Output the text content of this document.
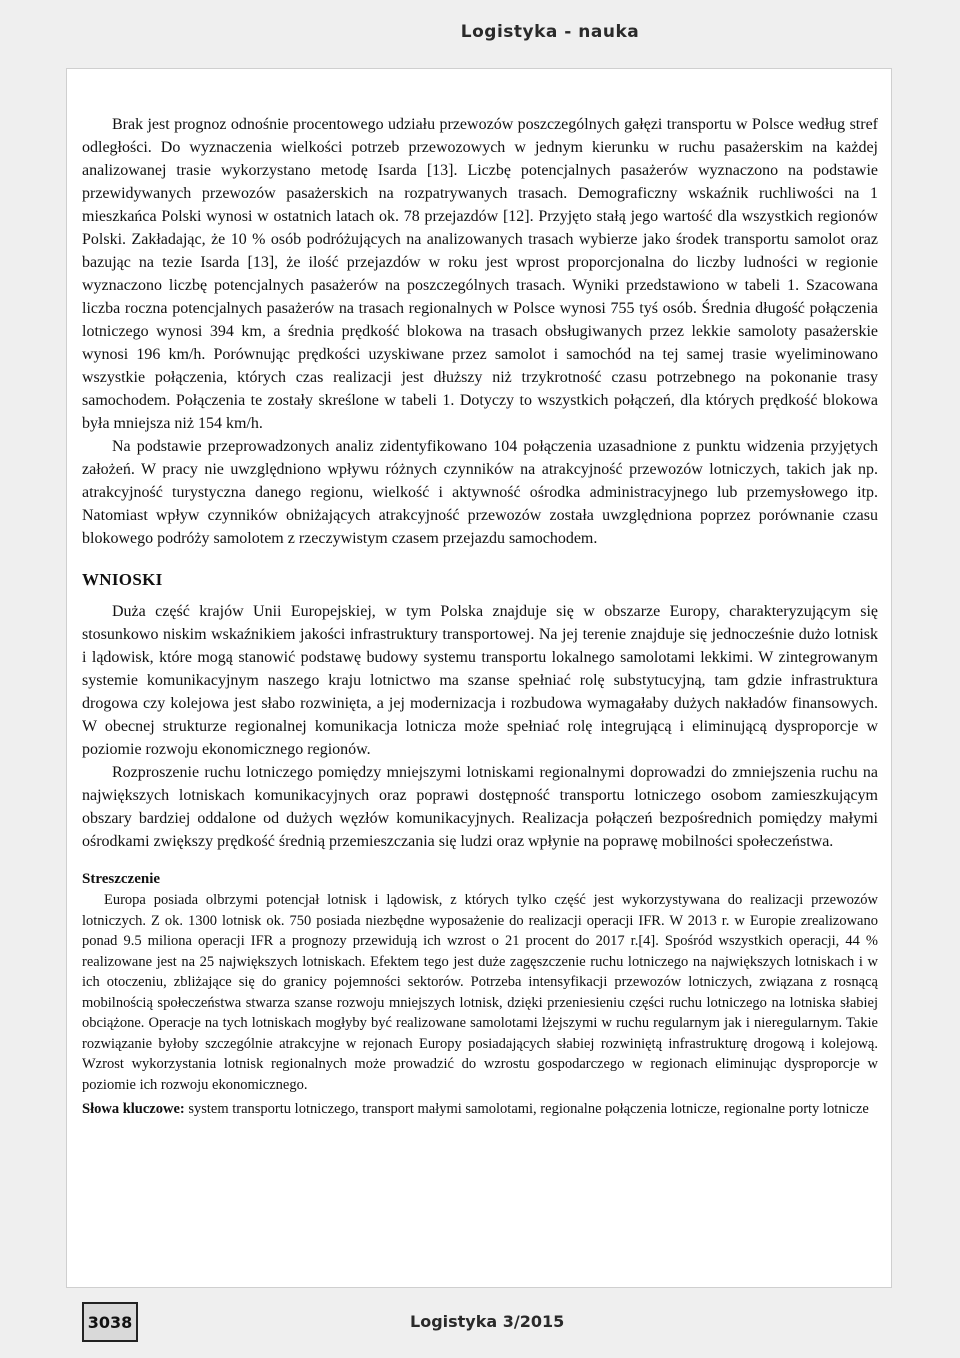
Logistyka - nauka

Brak jest prognoz odnośnie procentowego udziału przewozów poszczególnych gałęzi transportu w Polsce według stref odległości. Do wyznaczenia wielkości potrzeb przewozowych w jednym kierunku w ruchu pasażerskim na każdej analizowanej trasie wykorzystano metodę Isarda [13]. Liczbę potencjalnych pasażerów wyznaczono na podstawie przewidywanych przewozów pasażerskich na rozpatrywanych trasach. Demograficzny wskaźnik ruchliwości na 1 mieszkańca Polski wynosi w ostatnich latach ok. 78 przejazdów [12]. Przyjęto stałą jego wartość dla wszystkich regionów Polski. Zakładając, że 10 % osób podróżujących na analizowanych trasach wybierze jako środek transportu samolot oraz bazując na tezie Isarda [13], że ilość przejazdów w roku jest wprost proporcjonalna do liczby ludności w regionie wyznaczono liczbę potencjalnych pasażerów na poszczególnych trasach. Wyniki przedstawiono w tabeli 1. Szacowana liczba roczna potencjalnych pasażerów na trasach regionalnych w Polsce wynosi 755 tyś osób. Średnia długość połączenia lotniczego wynosi 394 km, a średnia prędkość blokowa na trasach obsługiwanych przez lekkie samoloty pasażerskie wynosi 196 km/h. Porównując prędkości uzyskiwane przez samolot i samochód na tej samej trasie wyeliminowano wszystkie połączenia, których czas realizacji jest dłuższy niż trzykrotność czasu potrzebnego na pokonanie trasy samochodem. Połączenia te zostały skreślone w tabeli 1. Dotyczy to wszystkich połączeń, dla których prędkość blokowa była mniejsza niż 154 km/h.

Na podstawie przeprowadzonych analiz zidentyfikowano 104 połączenia uzasadnione z punktu widzenia przyjętych założeń. W pracy nie uwzględniono wpływu różnych czynników na atrakcyjność przewozów lotniczych, takich jak np. atrakcyjność turystyczna danego regionu, wielkość i aktywność ośrodka administracyjnego lub przemysłowego itp. Natomiast wpływ czynników obniżających atrakcyjność przewozów została uwzględniona poprzez porównanie czasu blokowego podróży samolotem z rzeczywistym czasem przejazdu samochodem.

WNIOSKI

Duża część krajów Unii Europejskiej, w tym Polska znajduje się w obszarze Europy, charakteryzującym się stosunkowo niskim wskaźnikiem jakości infrastruktury transportowej. Na jej terenie znajduje się jednocześnie dużo lotnisk i lądowisk, które mogą stanowić podstawę budowy systemu transportu lokalnego samolotami lekkimi. W zintegrowanym systemie komunikacyjnym naszego kraju lotnictwo ma szanse spełniać rolę substytucyjną, tam gdzie infrastruktura drogowa czy kolejowa jest słabo rozwinięta, a jej modernizacja i rozbudowa wymagałaby dużych nakładów finansowych. W obecnej strukturze regionalnej komunikacja lotnicza może spełniać rolę integrującą i eliminującą dysproporcje w poziomie rozwoju ekonomicznego regionów.

Rozproszenie ruchu lotniczego pomiędzy mniejszymi lotniskami regionalnymi doprowadzi do zmniejszenia ruchu na największych lotniskach komunikacyjnych oraz poprawi dostępność transportu lotniczego osobom zamieszkującym obszary bardziej oddalone od dużych węzłów komunikacyjnych. Realizacja połączeń bezpośrednich pomiędzy małymi ośrodkami zwiększy prędkość średnią przemieszczania się ludzi oraz wpłynie na poprawę mobilności społeczeństwa.

Streszczenie

Europa posiada olbrzymi potencjał lotnisk i lądowisk, z których tylko część jest wykorzystywana do realizacji przewozów lotniczych. Z ok. 1300 lotnisk ok. 750 posiada niezbędne wyposażenie do realizacji operacji IFR. W 2013 r. w Europie zrealizowano ponad 9.5 miliona operacji IFR a prognozy przewidują ich wzrost o 21 procent do 2017 r.[4]. Spośród wszystkich operacji, 44 % realizowane jest na 25 największych lotniskach. Efektem tego jest duże zagęszczenie ruchu lotniczego na największych lotniskach i w ich otoczeniu, zbliżające się do granicy pojemności sektorów. Potrzeba intensyfikacji przewozów lotniczych, związana z rosnącą mobilnością społeczeństwa stwarza szanse rozwoju mniejszych lotnisk, dzięki przeniesieniu części ruchu lotniczego na lotniska słabiej obciążone. Operacje na tych lotniskach mogłyby być realizowane samolotami lżejszymi w ruchu regularnym jak i nieregularnym. Takie rozwiązanie byłoby szczególnie atrakcyjne w rejonach Europy posiadających słabiej rozwiniętą infrastrukturę drogową i kolejową. Wzrost wykorzystania lotnisk regionalnych może prowadzić do wzrostu gospodarczego w regionach eliminując dysproporcje w poziomie ich rozwoju ekonomicznego.

Słowa kluczowe: system transportu lotniczego, transport małymi samolotami, regionalne połączenia lotnicze, regionalne porty lotnicze

3038	Logistyka 3/2015
